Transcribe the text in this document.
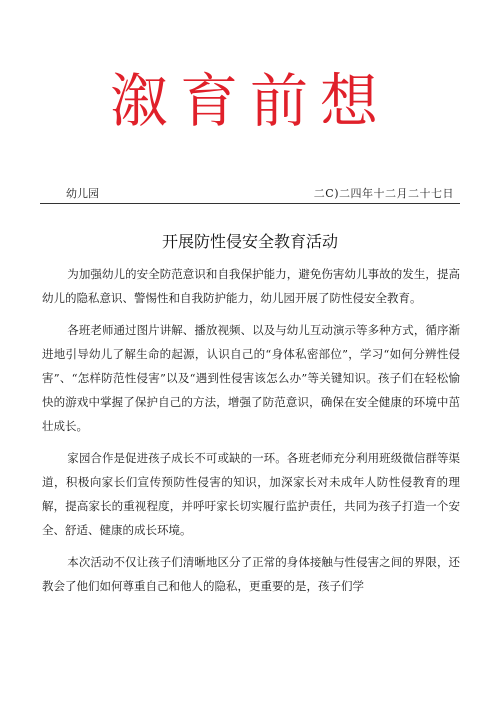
溆育前想
幼儿园	二C)二四年十二月二十七日
开展防性侵安全教育活动

为加强幼儿的安全防范意识和自我保护能力，避免伤害幼儿事故的发生，提高幼儿的隐私意识、警惕性和自我防护能力，幼儿园开展了防性侵安全教育。

各班老师通过图片讲解、播放视频、以及与幼儿互动演示等多种方式，循序渐进地引导幼儿了解生命的起源，认识自己的“身体私密部位”，学习“如何分辨性侵害”、“怎样防范性侵害”以及“遇到性侵害该怎么办”等关键知识。孩子们在轻松愉快的游戏中掌握了保护自己的方法，增强了防范意识，确保在安全健康的环境中茁壮成长。

家园合作是促进孩子成长不可或缺的一环。各班老师充分利用班级微信群等渠道，积极向家长们宣传预防性侵害的知识，加深家长对未成年人防性侵教育的理解，提高家长的重视程度，并呼吁家长切实履行监护责任，共同为孩子打造一个安全、舒适、健康的成长环境。

本次活动不仅让孩子们清晰地区分了正常的身体接触与性侵害之间的界限，还教会了他们如何尊重自己和他人的隐私，更重要的是，孩子们学
